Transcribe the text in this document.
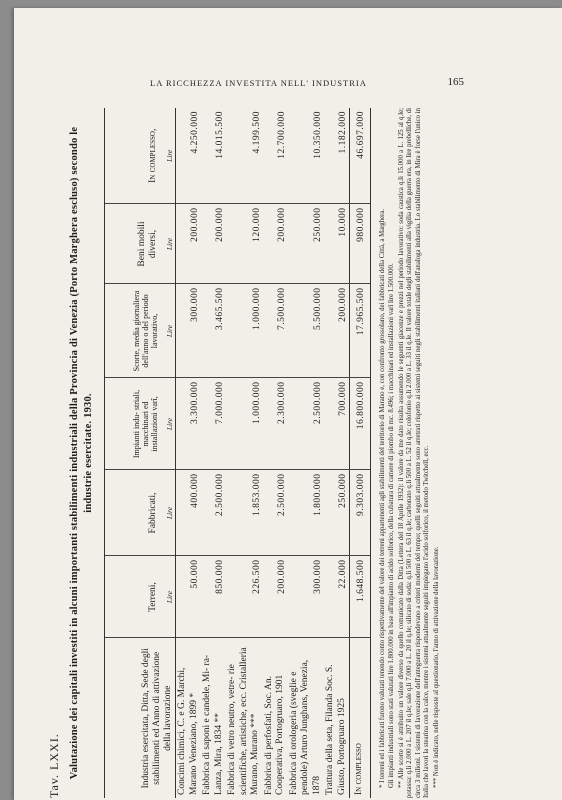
LA RICCHEZZA INVESTITA NELL' INDUSTRIA	165
Tav. LXXI. Valutazione dei capitali investiti in alcuni importanti stabilimenti industriali della Provincia di Venezia (Porto Marghera escluso) secondo le industrie esercitate. 1930.
Industria esercitata, Ditta, Sede degli stabilimenti ed Anno di attivazione della lavorazione	Terreni, Lire	Fabbricati, Lire	Impianti indu- striali, macchinari ed installazioni varî, Lire	Scorte, media giornaliera dell'anno o del periodo lavorativo, Lire	Beni mobili diversi, Lire	In complesso, Lire

Concimi chimici, C. e G. Marchi, Marano Veneziano, 1899 *	50.000	400.000	3.300.000	300.000	200.000	4.250.000
Fabbrica di saponi e candele, Mi- ra-Lanza, Mira, 1834 **	850.000	2.500.000	7.000.000	3.465.500	200.000	14.015.500
Fabbrica di vetro neutro, vetre- rie scientifiche, artistiche, ecc. Cristalleria Murano, Murano ***	226.500	1.853.000	1.000.000	1.000.000	120.000	4.199.500
Fabbrica di perfosfati, Soc. An. Cooperativa, Portogruaro, 1901	200.000	2.500.000	2.300.000	7.500.000	200.000	12.700.000
Fabbrica di orologeria (sveglie e pendole) Arturo Junghans, Venezia, 1878	300.000	1.800.000	2.500.000	5.500.000	250.000	10.350.000
Trattura della seta, Filanda Soc. S. Giusto, Portogruaro 1925	22.000	250.000	700.000	200.000	10.000	1.182.000
In complesso	1.648.500	9.303.000	16.800.000	17.965.500	980.000	46.697.000

* I terreni ed i fabbricati furono valutati tenendo conto rispettivamente del valore dei terreni appartenenti agli stabilimenti del territorio di Marano e, con confronto grossolano, dei fabbricati della Città, a Marghera. Gli impianti industriali sono stati valutati lire 1.800.000 in base all'impianto di acido solforico, della cubatura di camere di piombo di mc. 8.496; i macchinari ed installazioni varî lire 1.500.000. ** Alle scorte si è attribuito un valore diverso da quello comunicato dalla Ditta (Lettera del 18 Aprile 1932): il valore da me dato risulta assumendo le seguenti giacenze e prezzi nel periodo lavorativo: soda caustica q.li 15.000 a L. 125 al q.le; potassa: q.li 2.000 a L. 207 il q.le; sale q.li 7.000 a L. 20 il q.le; silicato di soda: q.li 500 a L. 63 il q.le; carbonato q.li 500 a L. 52 il q.le; colofonio q.li 2.000 a L. 33 il q.le. Il valore totale degli stabilimenti alla vigilia della guerra era, in lire prebelliche, di circa 3 milioni. I sistemi di lavorazione dell'anteguerra rispondevano a criteri moderni del tempo; quelli seguiti attualmente sono arretrati rispetto ai sistemi seguiti negli stabilimenti italiani dell'analoga industria. Lo stabilimento di Mira è forse l'unico in Italia che lavori la stearina con la calce, mentre i sistemi attualmente seguiti impiegano l'acido solforico, il metodo Twitchell, ecc. *** Non è indicato, nelle risposte al questionario, l'anno di attivazione della lavorazione.
